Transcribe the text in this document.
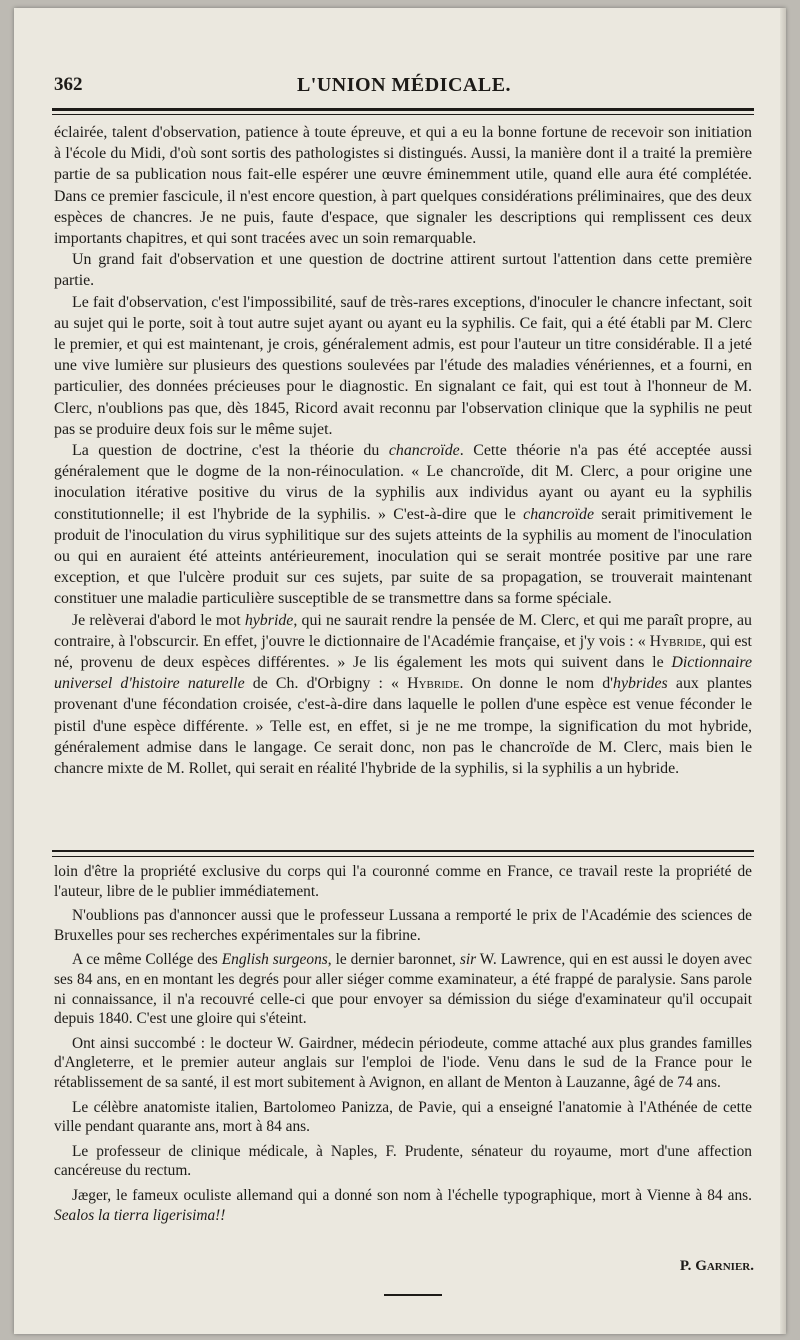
362	L'UNION MÉDICALE.

éclairée, talent d'observation, patience à toute épreuve, et qui a eu la bonne fortune de recevoir son initiation à l'école du Midi, d'où sont sortis des pathologistes si distingués. Aussi, la manière dont il a traité la première partie de sa publication nous fait-elle espérer une œuvre éminemment utile, quand elle aura été complétée. Dans ce premier fascicule, il n'est encore question, à part quelques considérations préliminaires, que des deux espèces de chancres. Je ne puis, faute d'espace, que signaler les descriptions qui remplissent ces deux importants chapitres, et qui sont tracées avec un soin remarquable.

Un grand fait d'observation et une question de doctrine attirent surtout l'attention dans cette première partie.

Le fait d'observation, c'est l'impossibilité, sauf de très-rares exceptions, d'inoculer le chancre infectant, soit au sujet qui le porte, soit à tout autre sujet ayant ou ayant eu la syphilis. Ce fait, qui a été établi par M. Clerc le premier, et qui est maintenant, je crois, généralement admis, est pour l'auteur un titre considérable. Il a jeté une vive lumière sur plusieurs des questions soulevées par l'étude des maladies vénériennes, et a fourni, en particulier, des données précieuses pour le diagnostic. En signalant ce fait, qui est tout à l'honneur de M. Clerc, n'oublions pas que, dès 1845, Ricord avait reconnu par l'observation clinique que la syphilis ne peut pas se produire deux fois sur le même sujet.

La question de doctrine, c'est la théorie du chancroïde. Cette théorie n'a pas été acceptée aussi généralement que le dogme de la non-réinoculation. « Le chancroïde, dit M. Clerc, a pour origine une inoculation itérative positive du virus de la syphilis aux individus ayant ou ayant eu la syphilis constitutionnelle; il est l'hybride de la syphilis. » C'est-à-dire que le chancroïde serait primitivement le produit de l'inoculation du virus syphilitique sur des sujets atteints de la syphilis au moment de l'inoculation ou qui en auraient été atteints antérieurement, inoculation qui se serait montrée positive par une rare exception, et que l'ulcère produit sur ces sujets, par suite de sa propagation, se trouverait maintenant constituer une maladie particulière susceptible de se transmettre dans sa forme spéciale.

Je relèverai d'abord le mot hybride, qui ne saurait rendre la pensée de M. Clerc, et qui me paraît propre, au contraire, à l'obscurcir. En effet, j'ouvre le dictionnaire de l'Académie française, et j'y vois : « Hybride, qui est né, provenu de deux espèces différentes. » Je lis également les mots qui suivent dans le Dictionnaire universel d'histoire naturelle de Ch. d'Orbigny : « Hybride. On donne le nom d'hybrides aux plantes provenant d'une fécondation croisée, c'est-à-dire dans laquelle le pollen d'une espèce est venue féconder le pistil d'une espèce différente. » Telle est, en effet, si je ne me trompe, la signification du mot hybride, généralement admise dans le langage. Ce serait donc, non pas le chancroïde de M. Clerc, mais bien le chancre mixte de M. Rollet, qui serait en réalité l'hybride de la syphilis, si la syphilis a un hybride.

loin d'être la propriété exclusive du corps qui l'a couronné comme en France, ce travail reste la propriété de l'auteur, libre de le publier immédiatement.

N'oublions pas d'annoncer aussi que le professeur Lussana a remporté le prix de l'Académie des sciences de Bruxelles pour ses recherches expérimentales sur la fibrine.

A ce même Collége des English surgeons, le dernier baronnet, sir W. Lawrence, qui en est aussi le doyen avec ses 84 ans, en en montant les degrés pour aller siéger comme examinateur, a été frappé de paralysie. Sans parole ni connaissance, il n'a recouvré celle-ci que pour envoyer sa démission du siége d'examinateur qu'il occupait depuis 1840. C'est une gloire qui s'éteint.

Ont ainsi succombé : le docteur W. Gairdner, médecin périodeute, comme attaché aux plus grandes familles d'Angleterre, et le premier auteur anglais sur l'emploi de l'iode. Venu dans le sud de la France pour le rétablissement de sa santé, il est mort subitement à Avignon, en allant de Menton à Lauzanne, âgé de 74 ans.

Le célèbre anatomiste italien, Bartolomeo Panizza, de Pavie, qui a enseigné l'anatomie à l'Athénée de cette ville pendant quarante ans, mort à 84 ans.

Le professeur de clinique médicale, à Naples, F. Prudente, sénateur du royaume, mort d'une affection cancéreuse du rectum.

Jæger, le fameux oculiste allemand qui a donné son nom à l'échelle typographique, mort à Vienne à 84 ans. Sealos la tierra ligerisima!!

P. Garnier.
